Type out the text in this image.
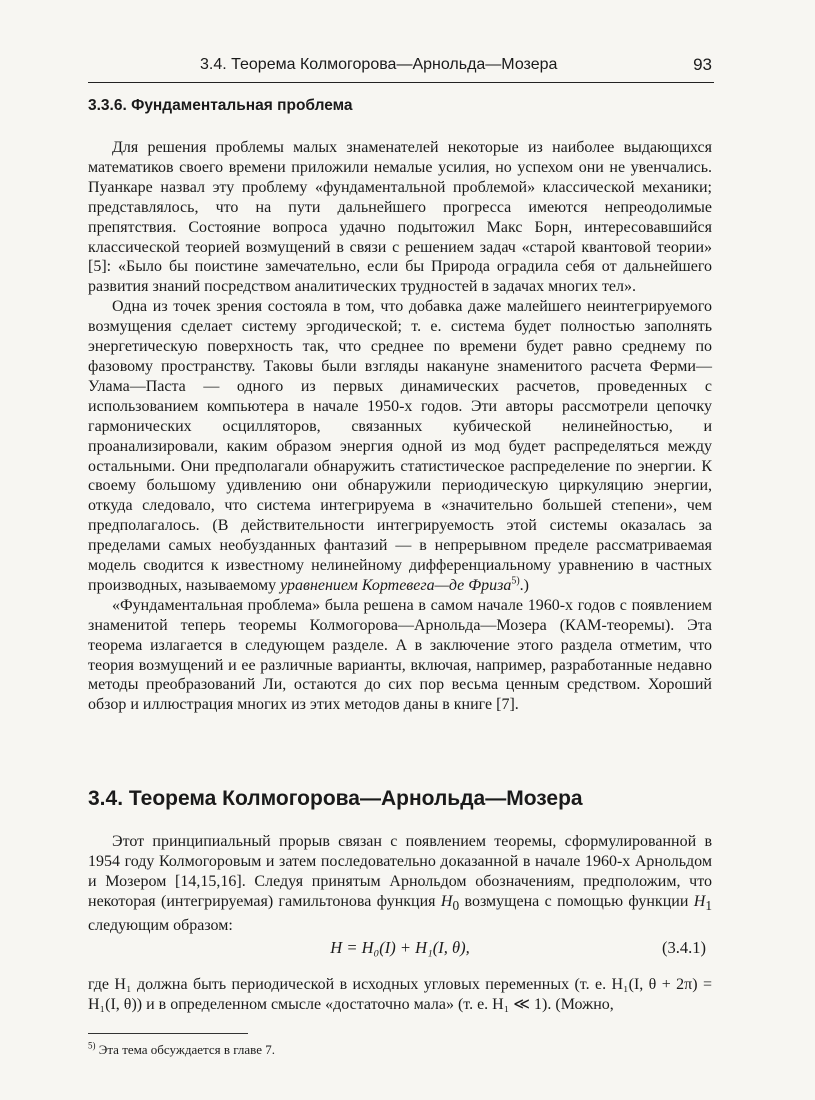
3.4. Теорема Колмогорова—Арнольда—Мозера	93
3.3.6. Фундаментальная проблема

Для решения проблемы малых знаменателей некоторые из наиболее выдающихся математиков своего времени приложили немалые усилия, но успехом они не увенчались. Пуанкаре назвал эту проблему «фундаментальной проблемой» классической механики; представлялось, что на пути дальнейшего прогресса имеются непреодолимые препятствия. Состояние вопроса удачно подытожил Макс Борн, интересовавшийся классической теорией возмущений в связи с решением задач «старой квантовой теории» [5]: «Было бы поистине замечательно, если бы Природа оградила себя от дальнейшего развития знаний посредством аналитических трудностей в задачах многих тел».

Одна из точек зрения состояла в том, что добавка даже малейшего неинтегрируемого возмущения сделает систему эргодической; т. е. система будет полностью заполнять энергетическую поверхность так, что среднее по времени будет равно среднему по фазовому пространству. Таковы были взгляды накануне знаменитого расчета Ферми—Улама—Паста — одного из первых динамических расчетов, проведенных с использованием компьютера в начале 1950-х годов. Эти авторы рассмотрели цепочку гармонических осцилляторов, связанных кубической нелинейностью, и проанализировали, каким образом энергия одной из мод будет распределяться между остальными. Они предполагали обнаружить статистическое распределение по энергии. К своему большому удивлению они обнаружили периодическую циркуляцию энергии, откуда следовало, что система интегрируема в «значительно большей степени», чем предполагалось. (В действительности интегрируемость этой системы оказалась за пределами самых необузданных фантазий — в непрерывном пределе рассматриваемая модель сводится к известному нелинейному дифференциальному уравнению в частных производных, называемому уравнением Кортевега—де Фриза$^{5)}$.)

«Фундаментальная проблема» была решена в самом начале 1960-х годов с появлением знаменитой теперь теоремы Колмогорова—Арнольда—Мозера (КАМ-теоремы). Эта теорема излагается в следующем разделе. А в заключение этого раздела отметим, что теория возмущений и ее различные варианты, включая, например, разработанные недавно методы преобразований Ли, остаются до сих пор весьма ценным средством. Хороший обзор и иллюстрация многих из этих методов даны в книге [7].

3.4. Теорема Колмогорова—Арнольда—Мозера

Этот принципиальный прорыв связан с появлением теоремы, сформулированной в 1954 году Колмогоровым и затем последовательно доказанной в начале 1960-х Арнольдом и Мозером [14,15,16]. Следуя принятым Арнольдом обозначениям, предположим, что некоторая (интегрируемая) гамильтонова функция $H_0$ возмущена с помощью функции $H_1$ следующим образом:

H = H₀(I) + H₁(I, θ),	(3.4.1)

где H₁ должна быть периодической в исходных угловых переменных (т. е. H₁(I, θ + 2π) = H₁(I, θ)) и в определенном смысле «достаточно мала» (т. е. H₁ ≪ 1). (Можно,

$^{5)}$ Эта тема обсуждается в главе 7.
